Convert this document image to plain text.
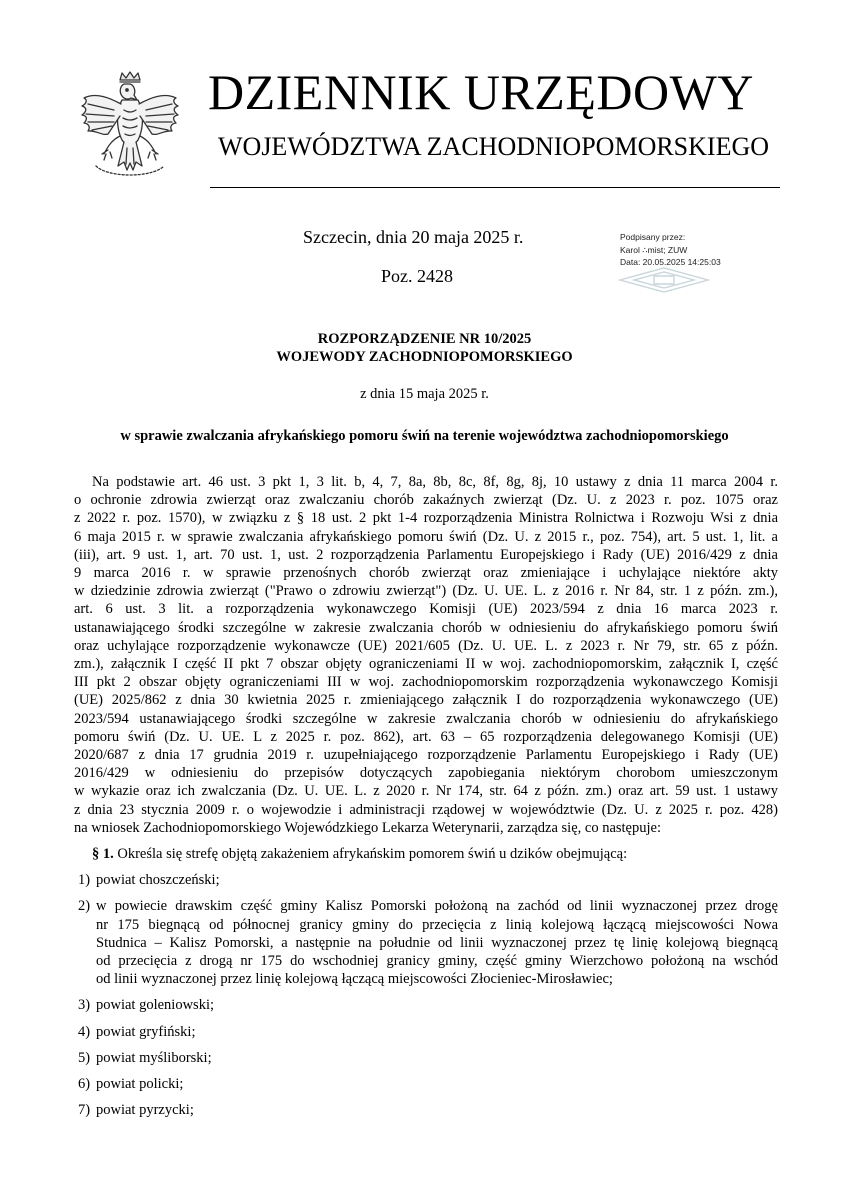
DZIENNIK URZĘDOWY
WOJEWÓDZTWA ZACHODNIOPOMORSKIEGO
Szczecin, dnia 20 maja 2025 r.
Poz. 2428
Podpisany przez:
Karol ∴mist; ZUW
Data: 20.05.2025 14:25:03
ROZPORZĄDZENIE NR 10/2025
WOJEWODY ZACHODNIOPOMORSKIEGO
z dnia 15 maja 2025 r.
w sprawie zwalczania afrykańskiego pomoru świń na terenie województwa zachodniopomorskiego
Na podstawie art. 46 ust. 3 pkt 1, 3 lit. b, 4, 7, 8a, 8b, 8c, 8f, 8g, 8j, 10 ustawy z dnia 11 marca 2004 r.
o ochronie zdrowia zwierząt oraz zwalczaniu chorób zakaźnych zwierząt (Dz. U. z 2023 r. poz. 1075 oraz
z 2022 r. poz. 1570), w związku z § 18 ust. 2 pkt 1-4 rozporządzenia Ministra Rolnictwa i Rozwoju Wsi z dnia
6 maja 2015 r. w sprawie zwalczania afrykańskiego pomoru świń (Dz. U. z 2015 r., poz. 754), art. 5 ust. 1, lit. a
(iii), art. 9 ust. 1, art. 70 ust. 1, ust. 2 rozporządzenia Parlamentu Europejskiego i Rady (UE) 2016/429 z dnia
9 marca 2016 r. w sprawie przenośnych chorób zwierząt oraz zmieniające i uchylające niektóre akty
w dziedzinie zdrowia zwierząt ("Prawo o zdrowiu zwierząt") (Dz. U. UE. L. z 2016 r. Nr 84, str. 1 z późn. zm.),
art. 6 ust. 3 lit. a rozporządzenia wykonawczego Komisji (UE) 2023/594 z dnia 16 marca 2023 r.
ustanawiającego środki szczególne w zakresie zwalczania chorób w odniesieniu do afrykańskiego pomoru świń
oraz uchylające rozporządzenie wykonawcze (UE) 2021/605 (Dz. U. UE. L. z 2023 r. Nr 79, str. 65 z późn.
zm.), załącznik I część II pkt 7 obszar objęty ograniczeniami II w woj. zachodniopomorskim, załącznik I, część
III pkt 2 obszar objęty ograniczeniami III w woj. zachodniopomorskim rozporządzenia wykonawczego Komisji
(UE) 2025/862 z dnia 30 kwietnia 2025 r. zmieniającego załącznik I do rozporządzenia wykonawczego (UE)
2023/594 ustanawiającego środki szczególne w zakresie zwalczania chorób w odniesieniu do afrykańskiego
pomoru świń (Dz. U. UE. L z 2025 r. poz. 862), art. 63 – 65 rozporządzenia delegowanego Komisji (UE)
2020/687 z dnia 17 grudnia 2019 r. uzupełniającego rozporządzenie Parlamentu Europejskiego i Rady (UE)
2016/429 w odniesieniu do przepisów dotyczących zapobiegania niektórym chorobom umieszczonym
w wykazie oraz ich zwalczania (Dz. U. UE. L. z 2020 r. Nr 174, str. 64 z późn. zm.) oraz art. 59 ust. 1 ustawy
z dnia 23 stycznia 2009 r. o wojewodzie i administracji rządowej w województwie (Dz. U. z 2025 r. poz. 428)
na wniosek Zachodniopomorskiego Wojewódzkiego Lekarza Weterynarii, zarządza się, co następuje:
§ 1. Określa się strefę objętą zakażeniem afrykańskim pomorem świń u dzików obejmującą:
1) powiat choszczeński;
2) w powiecie drawskim część gminy Kalisz Pomorski położoną na zachód od linii wyznaczonej przez drogę
nr 175 biegnącą od północnej granicy gminy do przecięcia z linią kolejową łączącą miejscowości Nowa
Studnica – Kalisz Pomorski, a następnie na południe od linii wyznaczonej przez tę linię kolejową biegnącą
od przecięcia z drogą nr 175 do wschodniej granicy gminy, część gminy Wierzchowo położoną na wschód
od linii wyznaczonej przez linię kolejową łączącą miejscowości Złocieniec-Mirosławiec;
3) powiat goleniowski;
4) powiat gryfiński;
5) powiat myśliborski;
6) powiat policki;
7) powiat pyrzycki;
